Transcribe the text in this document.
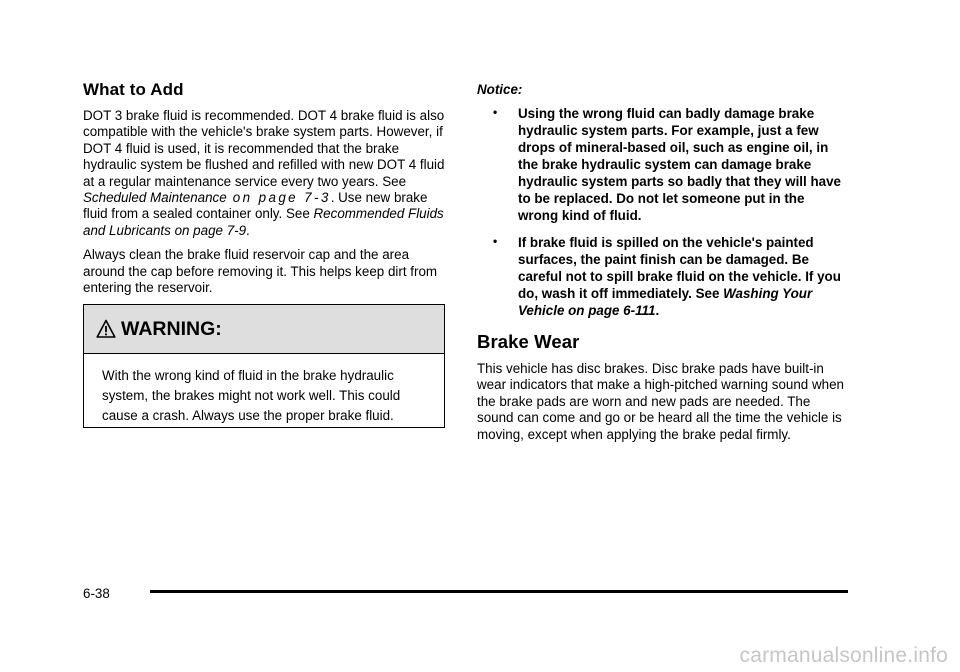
What to Add

DOT 3 brake fluid is recommended. DOT 4 brake fluid is also compatible with the vehicle's brake system parts. However, if DOT 4 fluid is used, it is recommended that the brake hydraulic system be flushed and refilled with new DOT 4 fluid at a regular maintenance service every two years. See Scheduled Maintenance on page 7-3. Use new brake fluid from a sealed container only. See Recommended Fluids and Lubricants on page 7-9.

Always clean the brake fluid reservoir cap and the area around the cap before removing it. This helps keep dirt from entering the reservoir.

WARNING:
With the wrong kind of fluid in the brake hydraulic system, the brakes might not work well. This could cause a crash. Always use the proper brake fluid.

Notice:

• Using the wrong fluid can badly damage brake hydraulic system parts. For example, just a few drops of mineral-based oil, such as engine oil, in the brake hydraulic system can damage brake hydraulic system parts so badly that they will have to be replaced. Do not let someone put in the wrong kind of fluid.
• If brake fluid is spilled on the vehicle's painted surfaces, the paint finish can be damaged. Be careful not to spill brake fluid on the vehicle. If you do, wash it off immediately. See Washing Your Vehicle on page 6-111.
Brake Wear

This vehicle has disc brakes. Disc brake pads have built-in wear indicators that make a high-pitched warning sound when the brake pads are worn and new pads are needed. The sound can come and go or be heard all the time the vehicle is moving, except when applying the brake pedal firmly.

6-38
carmanualsonline.info
